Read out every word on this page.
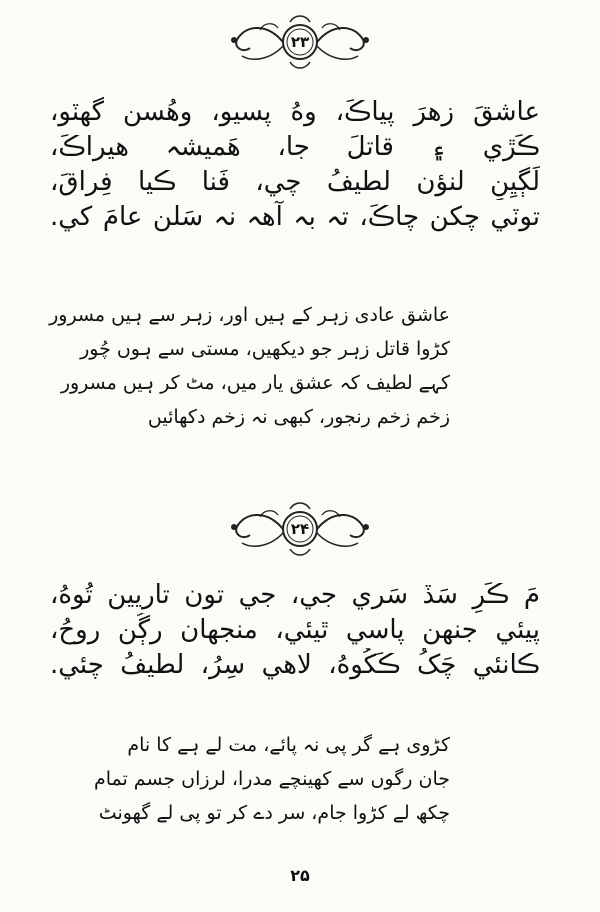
۲۳
عاشقَ زهرَ پياڪَ، وهُ پسيو، وهُسن گهٽو،
ڪَڙي ۽ قاتلَ جا، هَميشہ هيراڪَ،
لَڳيِنِ لنؤن لطيفُ چي، فَنا ڪيا فِراقَ،
توٽي چکن چاڪَ، تہ بہ آهہ نہ سَلن عامَ کي.
عاشق عادی زہر کے ہیں اور، زہر سے ہیں مسرور
کڑوا قاتل زہر جو دیکھیں، مستی سے ہوں چُور
کہے لطیف کہ عشق یار میں، مٹ کر ہیں مسرور
زخم زخم رنجور، کبھی نہ زخم دکھائیں
۲۴
مَ ڪَرِ سَڏ سَري جي، جي تون تاريين تُوهُ،
پيئي جنهن پاسي ٿيئي، منجهان رڳُن روحُ،
ڪانئي چَکُ ڪَکُوهُ، لاهي سِرُ، لطيفُ چئي.
کڑوی ہے گر پی نہ پائے، مت لے ہے کا نام
جان رگوں سے کھینچے مدرا، لرزاں جسم تمام
چکھ لے کڑوا جام، سر دے کر تو پی لے گھونٹ
۲۵
